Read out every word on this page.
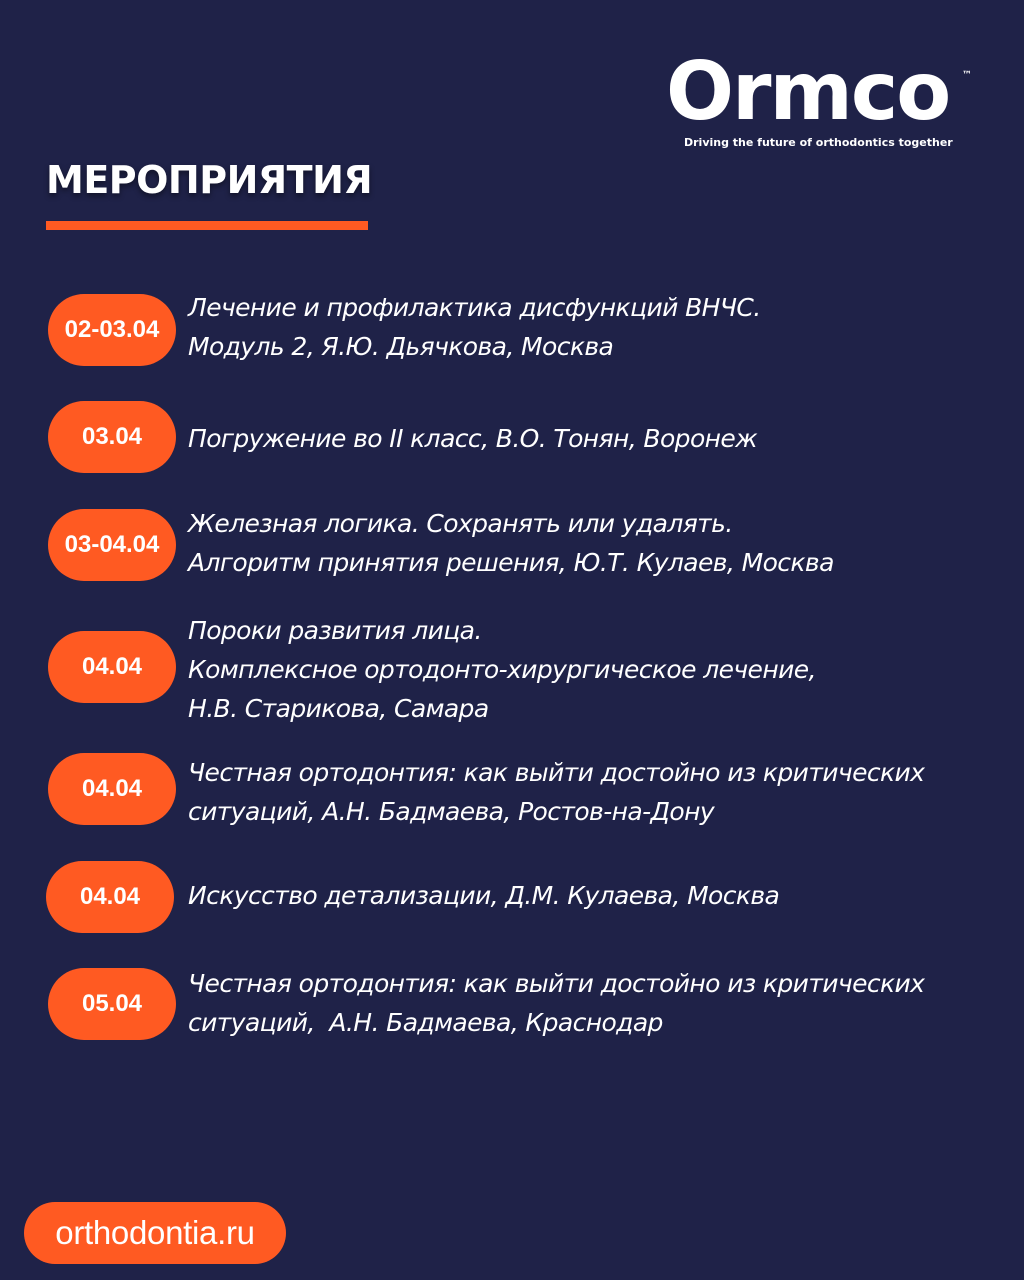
Ormco ™
Driving the future of orthodontics together
МЕРОПРИЯТИЯ
02-03.04
Лечение и профилактика дисфункций ВНЧС.
Модуль 2, Я.Ю. Дьячкова, Москва
03.04	Погружение во II класс, В.О. Тонян, Воронеж
03-04.04
Железная логика. Сохранять или удалять.
Алгоритм принятия решения, Ю.Т. Кулаев, Москва
04.04
Пороки развития лица.
Комплексное ортодонто-хирургическое лечение,
Н.В. Старикова, Самара
04.04
Честная ортодонтия: как выйти достойно из критических
ситуаций, А.Н. Бадмаева, Ростов-на-Дону
04.04	Искусство детализации, Д.М. Кулаева, Москва
05.04
Честная ортодонтия: как выйти достойно из критических
ситуаций,  А.Н. Бадмаева, Краснодар
orthodontia.ru
